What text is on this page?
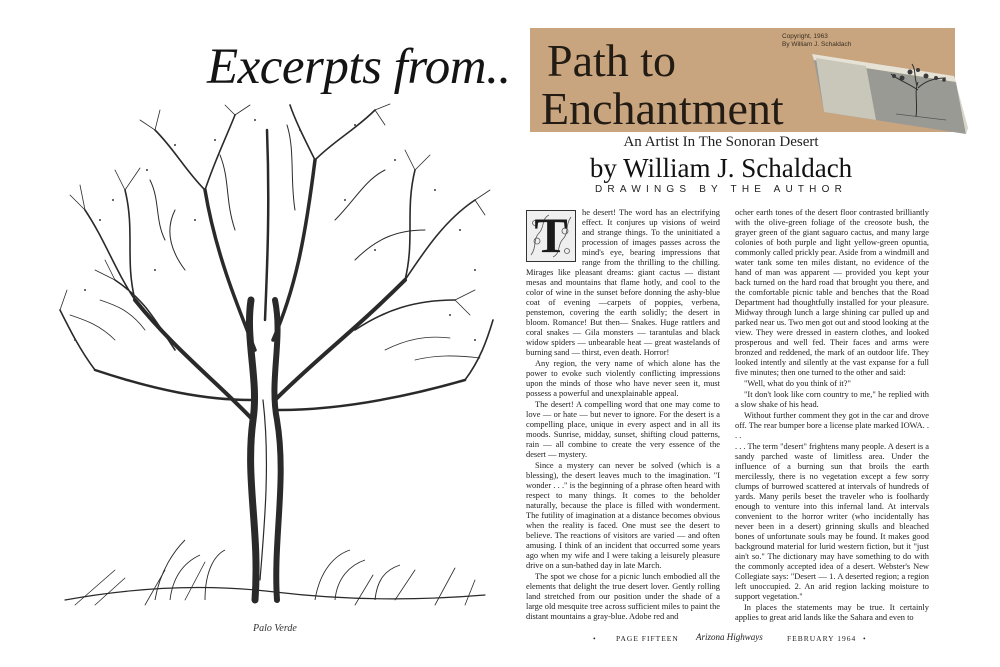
Excerpts from..
Palo Verde
Path to
Enchantment
Copyright, 1963
By William J. Schaldach
An Artist In The Sonoran Desert
by William J. Schaldach
DRAWINGS BY THE AUTHOR
T	he desert! The word has an electrifying effect. It conjures up visions of weird and strange things. To the uninitiated a procession of images passes across the mind's eye, bearing impressions that range from the thrilling to the chilling. Mirages like pleasant dreams: giant cactus — distant mesas and mountains that flame hotly, and cool to the color of wine in the sunset before donning the ashy-blue coat of evening —carpets of poppies, verbena, penstemon, covering the earth solidly; the desert in bloom. Romance! But then— Snakes. Huge rattlers and coral snakes — Gila monsters — tarantulas and black widow spiders — unbearable heat — great wastelands of burning sand — thirst, even death. Horror!

Any region, the very name of which alone has the power to evoke such violently conflicting impressions upon the minds of those who have never seen it, must possess a powerful and unexplainable appeal.

The desert! A compelling word that one may come to love — or hate — but never to ignore. For the desert is a compelling place, unique in every aspect and in all its moods. Sunrise, midday, sunset, shifting cloud patterns, rain — all combine to create the very essence of the desert — mystery.

Since a mystery can never be solved (which is a blessing), the desert leaves much to the imagination. "I wonder . . ." is the beginning of a phrase often heard with respect to many things. It comes to the beholder naturally, because the place is filled with wonderment. The futility of imagination at a distance becomes obvious when the reality is faced. One must see the desert to believe. The reactions of visitors are varied — and often amusing. I think of an incident that occurred some years ago when my wife and I were taking a leisurely pleasure drive on a sun-bathed day in late March.

The spot we chose for a picnic lunch embodied all the elements that delight the true desert lover. Gently rolling land stretched from our position under the shade of a large old mesquite tree across sufficient miles to paint the distant mountains a gray-blue. Adobe red and

ocher earth tones of the desert floor contrasted brilliantly with the olive-green foliage of the creosote bush, the grayer green of the giant saguaro cactus, and many large colonies of both purple and light yellow-green opuntia, commonly called prickly pear. Aside from a windmill and water tank some ten miles distant, no evidence of the hand of man was apparent — provided you kept your back turned on the hard road that brought you there, and the comfortable picnic table and benches that the Road Department had thoughtfully installed for your pleasure. Midway through lunch a large shining car pulled up and parked near us. Two men got out and stood looking at the view. They were dressed in eastern clothes, and looked prosperous and well fed. Their faces and arms were bronzed and reddened, the mark of an outdoor life. They looked intently and silently at the vast expanse for a full five minutes; then one turned to the other and said:

"Well, what do you think of it?"

"It don't look like corn country to me," he replied with a slow shake of his head.

Without further comment they got in the car and drove off. The rear bumper bore a license plate marked IOWA. . . .

. . . The term "desert" frightens many people. A desert is a sandy parched waste of limitless area. Under the influence of a burning sun that broils the earth mercilessly, there is no vegetation except a few sorry clumps of burrowed scattered at intervals of hundreds of yards. Many perils beset the traveler who is foolhardy enough to venture into this infernal land. At intervals convenient to the horror writer (who incidentally has never been in a desert) grinning skulls and bleached bones of unfortunate souls may be found. It makes good background material for lurid western fiction, but it "just ain't so." The dictionary may have something to do with the commonly accepted idea of a desert. Webster's New Collegiate says: "Desert — 1. A deserted region; a region left unoccupied. 2. An arid region lacking moisture to support vegetation."

In places the statements may be true. It certainly applies to great arid lands like the Sahara and even to

•	PAGE FIFTEEN Arizona Highways	FEBRUARY 1964 •
